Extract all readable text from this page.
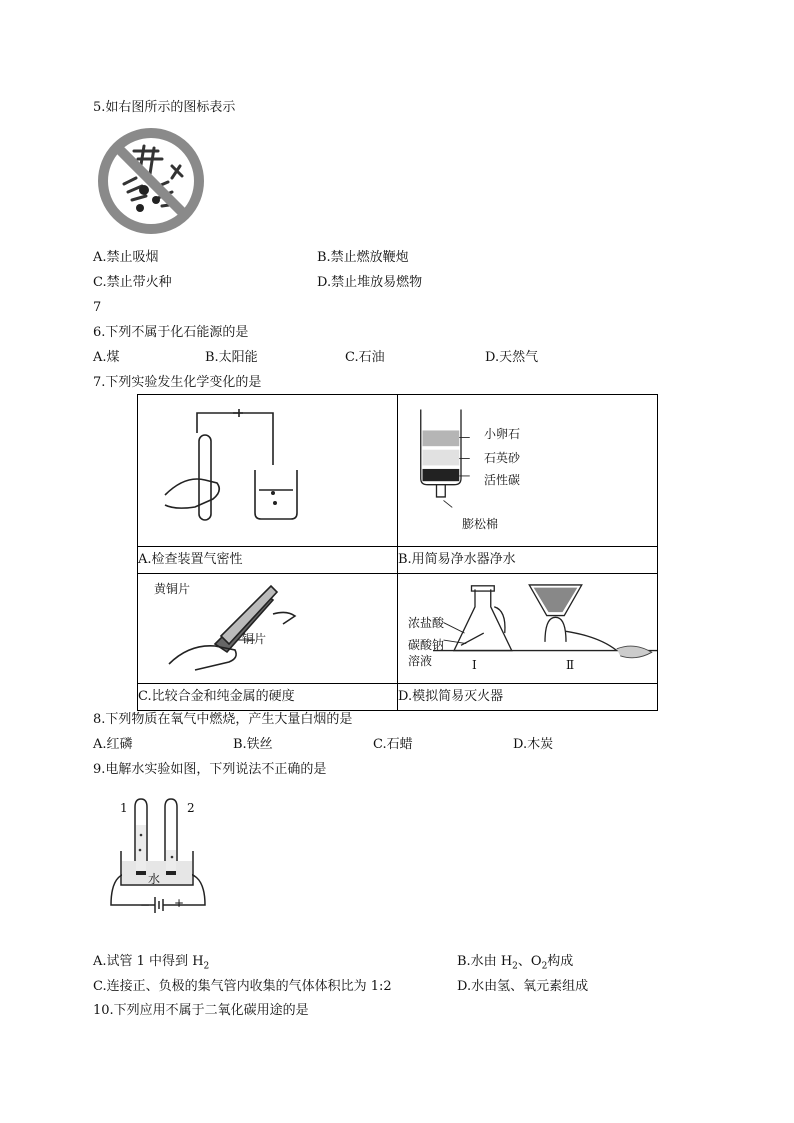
5.如右图所示的图标表示
A.禁止吸烟	B.禁止燃放鞭炮
C.禁止带火种	D.禁止堆放易燃物
7
6.下列不属于化石能源的是
A.煤	B.太阳能	C.石油	D.天然气
7.下列实验发生化学变化的是

小卵石
石英砂
活性碳
膨松棉

A.检查装置气密性	B.用简易净水器净水

黄铜片
铜片	浓盐酸
碳酸钠
溶液 Ⅰ Ⅱ

C.比较合金和纯金属的硬度	D.模拟简易灭火器
8.下列物质在氧气中燃烧，产生大量白烟的是
A.红磷	B.铁丝	C.石蜡	D.木炭
9.电解水实验如图，下列说法不正确的是
1	2
水
− +
A.试管 1 中得到 $H_2$	B.水由 $H_2$、$O_2$构成
C.连接正、负极的集气管内收集的气体体积比为 1:2	D.水由氢、氧元素组成
10.下列应用不属于二氧化碳用途的是
